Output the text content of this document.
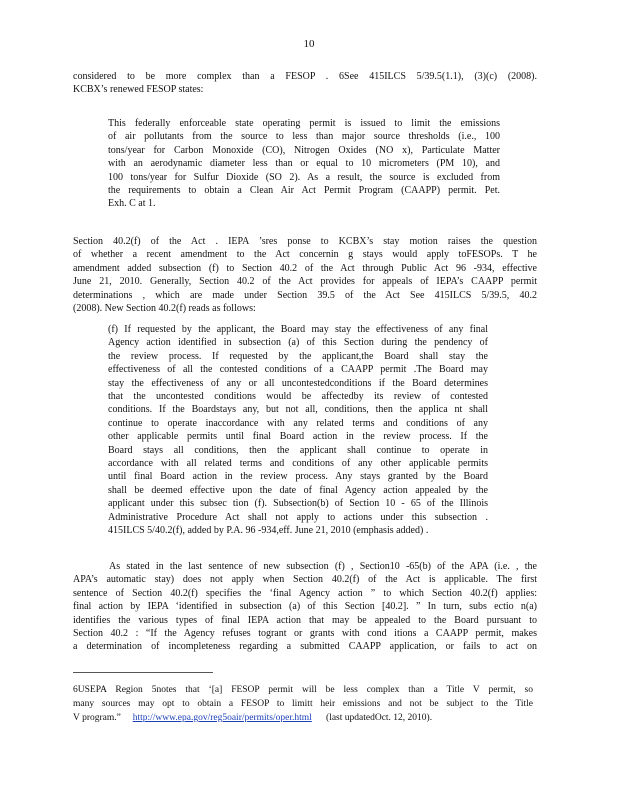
10
considered to be more complex than a FESOP . 6See 415ILCS 5/39.5(1.1), (3)(c) (2008).
KCBX’s renewed FESOP states:
This federally enforceable state operating permit is issued to limit the emissions
of air pollutants from the source to less than major source thresholds (i.e., 100
tons/year for Carbon Monoxide (CO), Nitrogen Oxides (NO x), Particulate Matter
with an aerodynamic diameter less than or equal to 10 micrometers (PM 10), and
100 tons/year for Sulfur Dioxide (SO 2). As a result, the source is excluded from
the requirements to obtain a Clean Air Act Permit Program (CAAPP) permit. Pet.
Exh. C at 1.
Section 40.2(f) of the Act . IEPA ’sres ponse to KCBX’s stay motion raises the question
of whether a recent amendment to the Act concernin g stays would apply toFESOPs. T he
amendment added subsection (f) to Section 40.2 of the Act through Public Act 96 -934, effective
June 21, 2010. Generally, Section 40.2 of the Act provides for appeals of IEPA’s CAAPP permit
determinations , which are made under Section 39.5 of the Act See 415ILCS 5/39.5, 40.2
(2008). New Section 40.2(f) reads as follows:
(f) If requested by the applicant, the Board may stay the effectiveness of any final
Agency action identified in subsection (a) of this Section during the pendency of
the review process. If requested by the applicant,the Board shall stay the
effectiveness of all the contested conditions of a CAAPP permit .The Board may
stay the effectiveness of any or all uncontestedconditions if the Board determines
that the uncontested conditions would be affectedby its review of contested
conditions. If the Boardstays any, but not all, conditions, then the applica nt shall
continue to operate inaccordance with any related terms and conditions of any
other applicable permits until final Board action in the review process. If the
Board stays all conditions, then the applicant shall continue to operate in
accordance with all related terms and conditions of any other applicable permits
until final Board action in the review process. Any stays granted by the Board
shall be deemed effective upon the date of final Agency action appealed by the
applicant under this subsec tion (f). Subsection(b) of Section 10 - 65 of the Illinois
Administrative Procedure Act shall not apply to actions under this subsection .
415ILCS 5/40.2(f), added by P.A. 96 -934,eff. June 21, 2010 (emphasis added) .
As stated in the last sentence of new subsection (f) , Section10 -65(b) of the APA (i.e. , the
APA’s automatic stay) does not apply when Section 40.2(f) of the Act is applicable. The first
sentence of Section 40.2(f) specifies the ‘final Agency action ” to which Section 40.2(f) applies:
final action by IEPA ‘identified in subsection (a) of this Section [40.2]. ” In turn, subs ectio n(a)
identifies the various types of final IEPA action that may be appealed to the Board pursuant to
Section 40.2 : “If the Agency refuses togrant or grants with cond itions a CAAPP permit, makes
a determination of incompleteness regarding a submitted CAAPP application, or fails to act on
6USEPA Region 5notes that ‘[a] FESOP permit will be less complex than a Title V permit, so
many sources may opt to obtain a FESOP to limitt heir emissions and not be subject to the Title
V program.” http://www.epa.gov/reg5oair/permits/oper.html (last updatedOct. 12, 2010).
